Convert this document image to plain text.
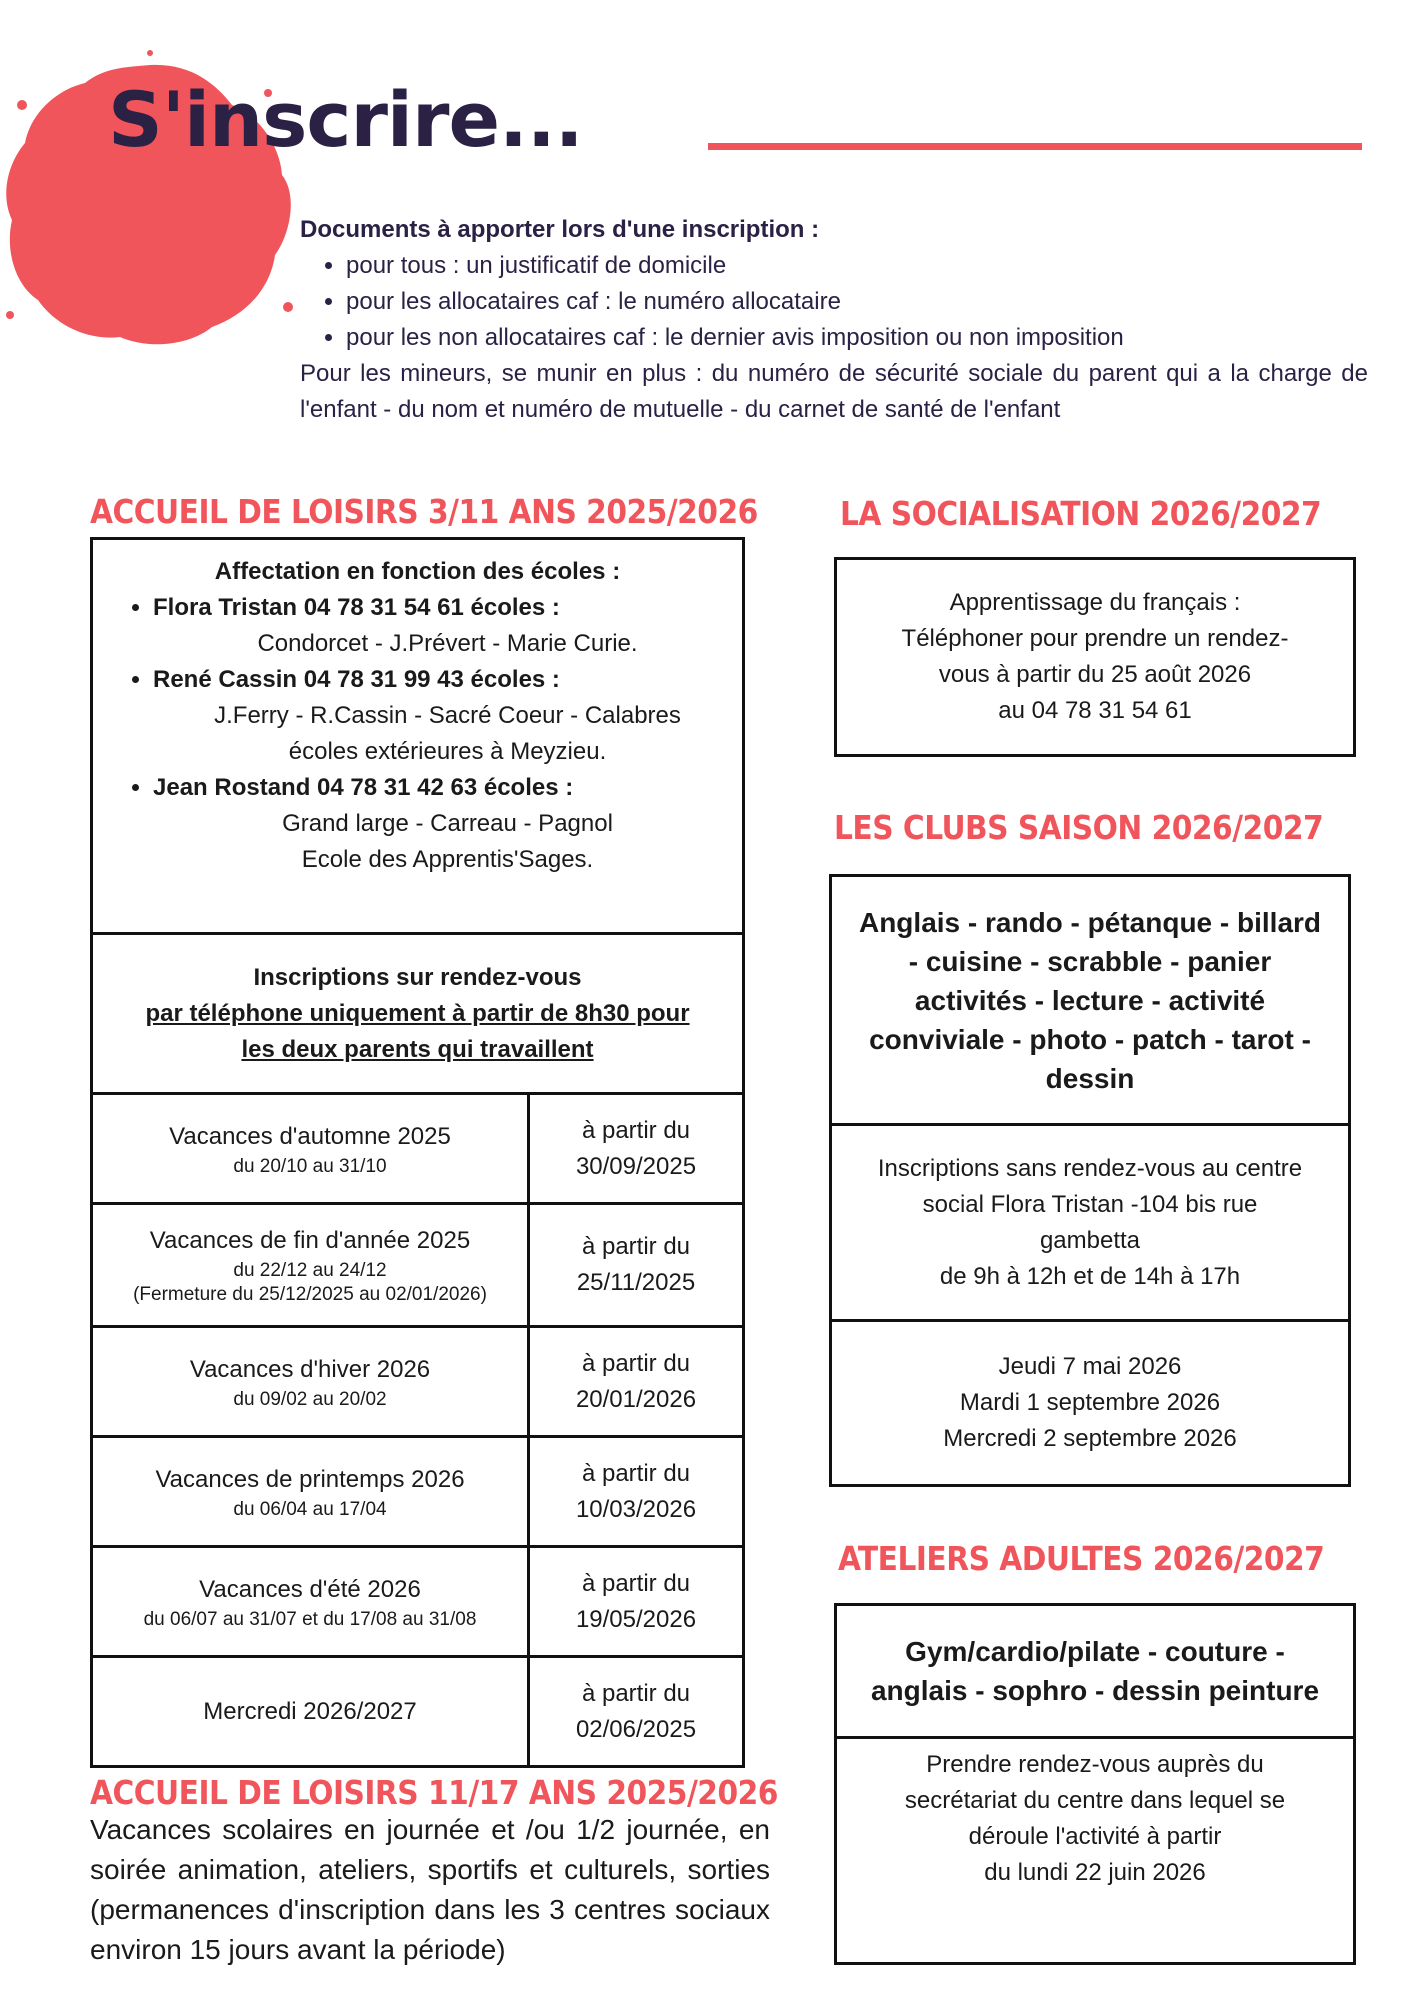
S'inscrire...
Documents à apporter lors d'une inscription :
• pour tous : un justificatif de domicile
• pour les allocataires caf : le numéro allocataire
• pour les non allocataires caf : le dernier avis imposition ou non imposition
Pour les mineurs, se munir en plus : du numéro de sécurité sociale du parent qui a la charge de l'enfant - du nom et numéro de mutuelle - du carnet de santé de l'enfant
ACCUEIL DE LOISIRS 3/11 ANS 2025/2026
Affectation en fonction des écoles :
• Flora Tristan 04 78 31 54 61 écoles :
Condorcet - J.Prévert - Marie Curie.
• René Cassin 04 78 31 99 43 écoles :
J.Ferry - R.Cassin - Sacré Coeur - Calabres
écoles extérieures à Meyzieu.
• Jean Rostand 04 78 31 42 63 écoles :
Grand large - Carreau - Pagnol
Ecole des Apprentis'Sages.
Inscriptions sur rendez-vous
par téléphone uniquement à partir de 8h30 pour
les deux parents qui travaillent
Vacances d'automne 2025
du 20/10 au 31/10
à partir du
30/09/2025
Vacances de fin d'année 2025
du 22/12 au 24/12
(Fermeture du 25/12/2025 au 02/01/2026)
à partir du
25/11/2025
Vacances d'hiver 2026
du 09/02 au 20/02
à partir du
20/01/2026
Vacances de printemps 2026
du 06/04 au 17/04
à partir du
10/03/2026
Vacances d'été 2026
du 06/07 au 31/07 et du 17/08 au 31/08
à partir du
19/05/2026
Mercredi 2026/2027
à partir du
02/06/2025
ACCUEIL DE LOISIRS 11/17 ANS 2025/2026
Vacances scolaires en journée et /ou 1/2 journée, en soirée animation, ateliers, sportifs et culturels, sorties (permanences d'inscription dans les 3 centres sociaux environ 15 jours avant la période)
LA SOCIALISATION 2026/2027
Apprentissage du français :
Téléphoner pour prendre un rendez-
vous à partir du 25 août 2026
au 04 78 31 54 61
LES CLUBS SAISON 2026/2027
Anglais - rando - pétanque - billard
- cuisine - scrabble - panier
activités - lecture - activité
conviviale - photo - patch - tarot -
dessin
Inscriptions sans rendez-vous au centre
social Flora Tristan -104 bis rue
gambetta
de 9h à 12h et de 14h à 17h
Jeudi 7 mai 2026
Mardi 1 septembre 2026
Mercredi 2 septembre 2026
ATELIERS ADULTES 2026/2027
Gym/cardio/pilate - couture -
anglais - sophro - dessin peinture
Prendre rendez-vous auprès du
secrétariat du centre dans lequel se
déroule l'activité à partir
du lundi 22 juin 2026
